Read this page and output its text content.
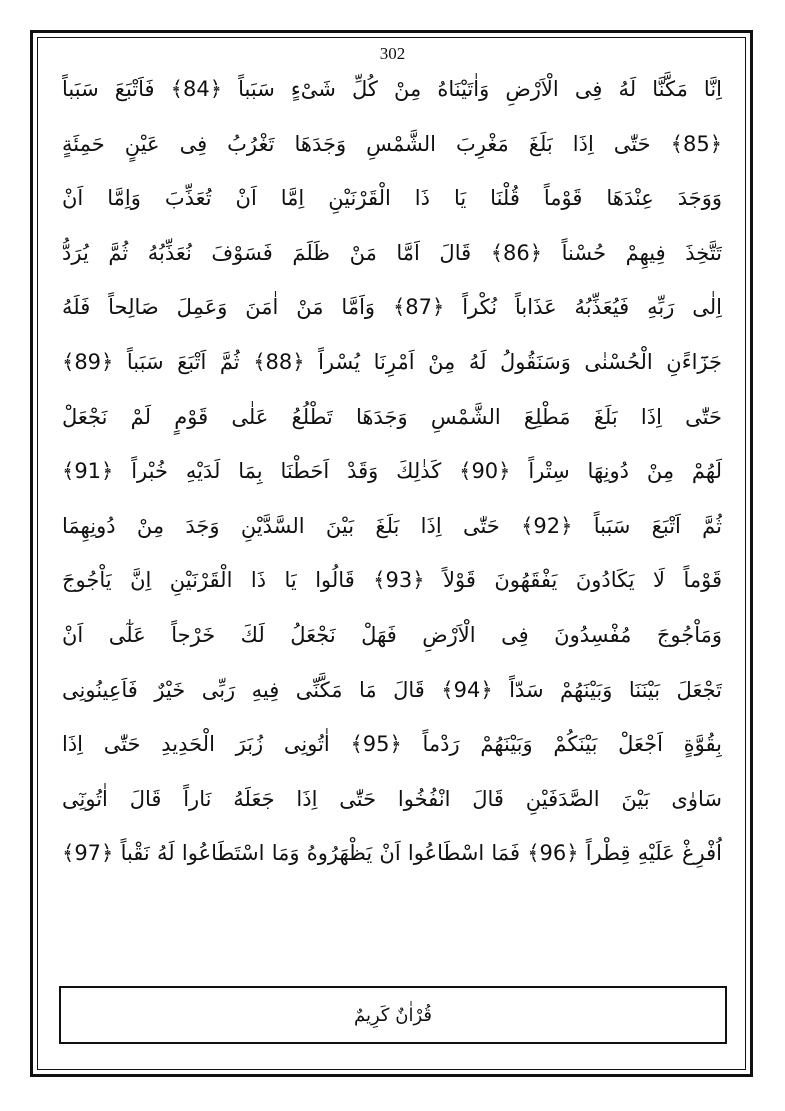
302
اِنَّا مَكَّنَّا لَهُ فِى الْاَرْضِ وَاٰتَيْنَاهُ مِنْ كُلِّ شَىْءٍ سَبَباً ﴿84﴾ فَاَتْبَعَ سَبَباً
﴿85﴾ حَتّٰى اِذَا بَلَغَ مَغْرِبَ الشَّمْسِ وَجَدَهَا تَغْرُبُ فِى عَيْنٍ حَمِئَةٍ
وَوَجَدَ عِنْدَهَا قَوْماً قُلْنَا يَا ذَا الْقَرْنَيْنِ اِمَّا اَنْ تُعَذِّبَ وَاِمَّا اَنْ
تَتَّخِذَ فِيهِمْ حُسْناً ﴿86﴾ قَالَ اَمَّا مَنْ ظَلَمَ فَسَوْفَ نُعَذِّبُهُ ثُمَّ يُرَدُّ
اِلٰى رَبِّهِ فَيُعَذِّبُهُ عَذَاباً نُكْراً ﴿87﴾ وَاَمَّا مَنْ اٰمَنَ وَعَمِلَ صَالِحاً فَلَهُ
جَزَٓاءًنِ الْحُسْنٰى وَسَنَقُولُ لَهُ مِنْ اَمْرِنَا يُسْراً ﴿88﴾ ثُمَّ اَتْبَعَ سَبَباً ﴿89﴾
حَتّٰى اِذَا بَلَغَ مَطْلِعَ الشَّمْسِ وَجَدَهَا تَطْلُعُ عَلٰى قَوْمٍ لَمْ نَجْعَلْ
لَهُمْ مِنْ دُونِهَا سِتْراً ﴿90﴾ كَذٰلِكَ وَقَدْ اَحَطْنَا بِمَا لَدَيْهِ خُبْراً ﴿91﴾
ثُمَّ اَتْبَعَ سَبَباً ﴿92﴾ حَتّٰى اِذَا بَلَغَ بَيْنَ السَّدَّيْنِ وَجَدَ مِنْ دُونِهِمَا
قَوْماً لَا يَكَادُونَ يَفْقَهُونَ قَوْلاً ﴿93﴾ قَالُوا يَا ذَا الْقَرْنَيْنِ اِنَّ يَاْجُوجَ
وَمَاْجُوجَ مُفْسِدُونَ فِى الْاَرْضِ فَهَلْ نَجْعَلُ لَكَ خَرْجاً عَلٰٓى اَنْ
تَجْعَلَ بَيْنَنَا وَبَيْنَهُمْ سَدّاً ﴿94﴾ قَالَ مَا مَكَّنِّى فِيهِ رَبِّى خَيْرٌ فَاَعِينُونِى
بِقُوَّةٍ اَجْعَلْ بَيْنَكُمْ وَبَيْنَهُمْ رَدْماً ﴿95﴾ اٰتُونِى زُبَرَ الْحَدِيدِ حَتّٰى اِذَا
سَاوٰى بَيْنَ الصَّدَفَيْنِ قَالَ انْفُخُوا حَتّٰى اِذَا جَعَلَهُ نَاراً قَالَ اٰتُونِٓى
اُفْرِغْ عَلَيْهِ قِطْراً ﴿96﴾ فَمَا اسْطَاعُوا اَنْ يَظْهَرُوهُ وَمَا اسْتَطَاعُوا لَهُ نَقْباً ﴿97﴾
قُرْاٰنٌ كَرِيمٌ
